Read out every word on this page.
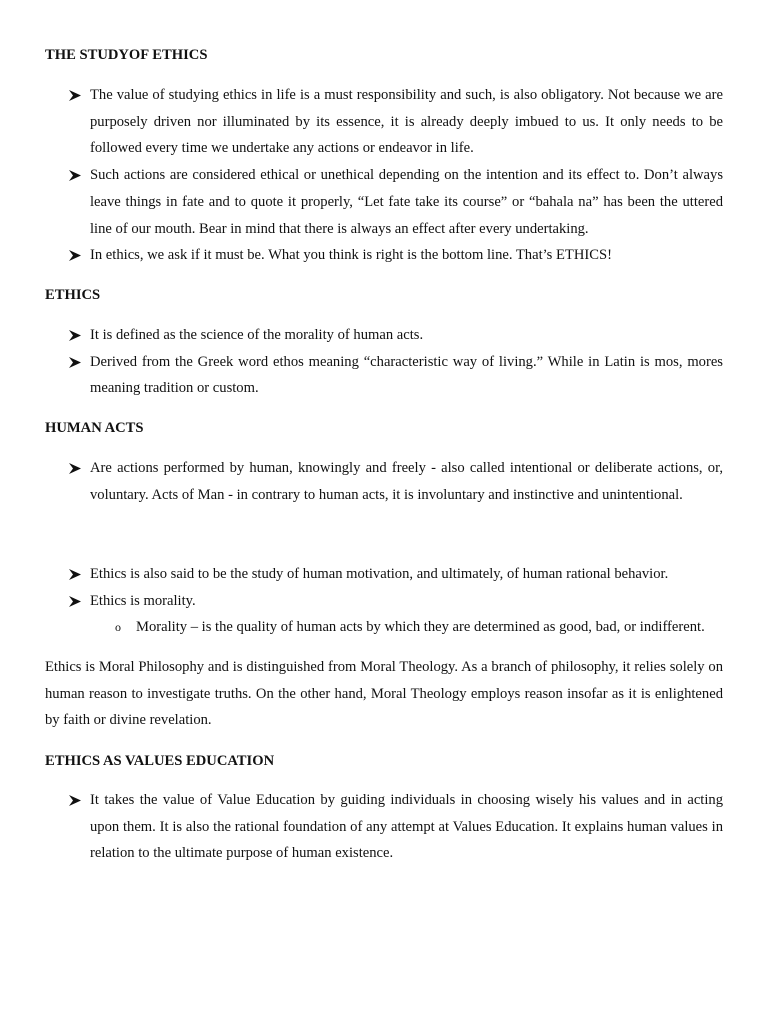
THE STUDYOF ETHICS
The value of studying ethics in life is a must responsibility and such, is also obligatory. Not because we are purposely driven nor illuminated by its essence, it is already deeply imbued to us. It only needs to be followed every time we undertake any actions or endeavor in life.
Such actions are considered ethical or unethical depending on the intention and its effect to. Don’t always leave things in fate and to quote it properly, “Let fate take its course” or “bahala na” has been the uttered line of our mouth. Bear in mind that there is always an effect after every undertaking.
In ethics, we ask if it must be. What you think is right is the bottom line. That’s ETHICS!
ETHICS
It is defined as the science of the morality of human acts.
Derived from the Greek word ethos meaning “characteristic way of living.” While in Latin is mos, mores meaning tradition or custom.
HUMAN ACTS
Are actions performed by human, knowingly and freely - also called intentional or deliberate actions, or, voluntary. Acts of Man - in contrary to human acts, it is involuntary and instinctive and unintentional.
Ethics is also said to be the study of human motivation, and ultimately, of human rational behavior.
Ethics is morality.

o Morality – is the quality of human acts by which they are determined as good, bad, or indifferent.

Ethics is Moral Philosophy and is distinguished from Moral Theology. As a branch of philosophy, it relies solely on human reason to investigate truths. On the other hand, Moral Theology employs reason insofar as it is enlightened by faith or divine revelation.

ETHICS AS VALUES EDUCATION
It takes the value of Value Education by guiding individuals in choosing wisely his values and in acting upon them. It is also the rational foundation of any attempt at Values Education. It explains human values in relation to the ultimate purpose of human existence.
